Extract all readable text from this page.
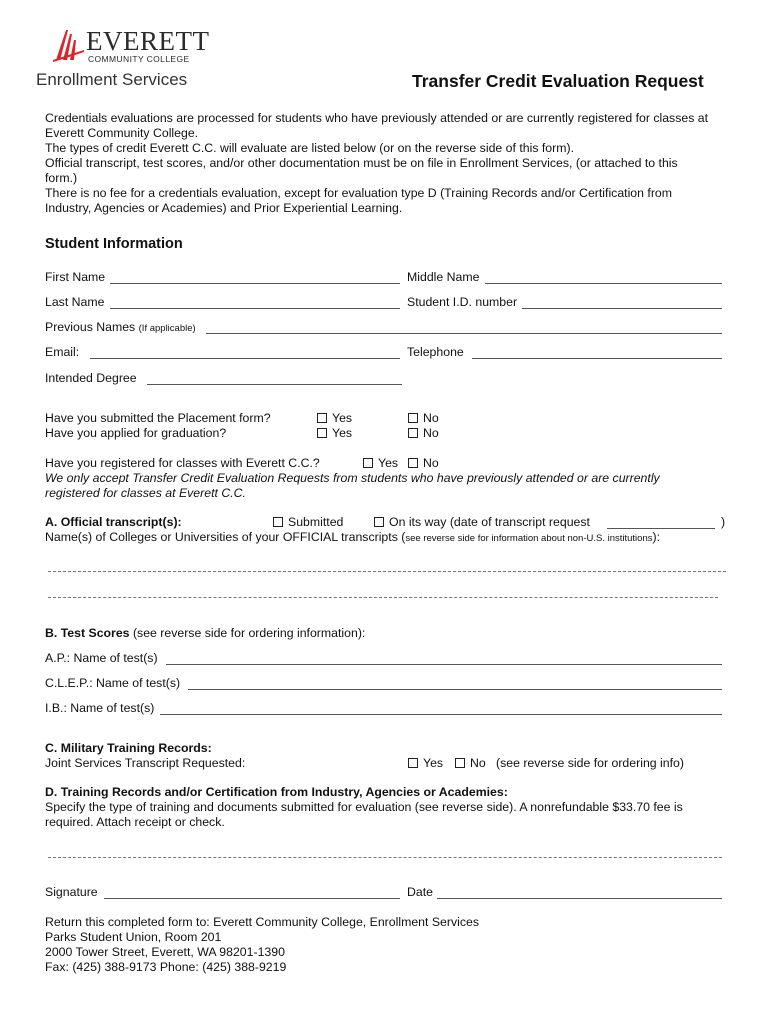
EVERETT
COMMUNITY COLLEGE
Enrollment Services	Transfer Credit Evaluation Request
Credentials evaluations are processed for students who have previously attended or are currently registered for classes at
Everett Community College.
The types of credit Everett C.C. will evaluate are listed below (or on the reverse side of this form).
Official transcript, test scores, and/or other documentation must be on file in Enrollment Services, (or attached to this
form.)
There is no fee for a credentials evaluation, except for evaluation type D (Training Records and/or Certification from
Industry, Agencies or Academies) and Prior Experiential Learning.
Student Information
First Name	Middle Name
Last Name	Student I.D. number
Previous Names (If applicable)
Email:	Telephone
Intended Degree
Have you submitted the Placement form?	Yes	No
Have you applied for graduation?	Yes	No
Have you registered for classes with Everett C.C.?	Yes	No
We only accept Transfer Credit Evaluation Requests from students who have previously attended or are currently
registered for classes at Everett C.C.
A. Official transcript(s):	Submitted	On its way (date of transcript request	)
Name(s) of Colleges or Universities of your OFFICIAL transcripts (see reverse side for information about non-U.S. institutions):
B. Test Scores (see reverse side for ordering information):
A.P.: Name of test(s)
C.L.E.P.: Name of test(s)
I.B.: Name of test(s)
C. Military Training Records:
Joint Services Transcript Requested:	Yes	No (see reverse side for ordering info)
D. Training Records and/or Certification from Industry, Agencies or Academies:
Specify the type of training and documents submitted for evaluation (see reverse side). A nonrefundable $33.70 fee is
required. Attach receipt or check.
Signature	Date
Return this completed form to: Everett Community College, Enrollment Services
Parks Student Union, Room 201
2000 Tower Street, Everett, WA 98201-1390
Fax: (425) 388-9173 Phone: (425) 388-9219
